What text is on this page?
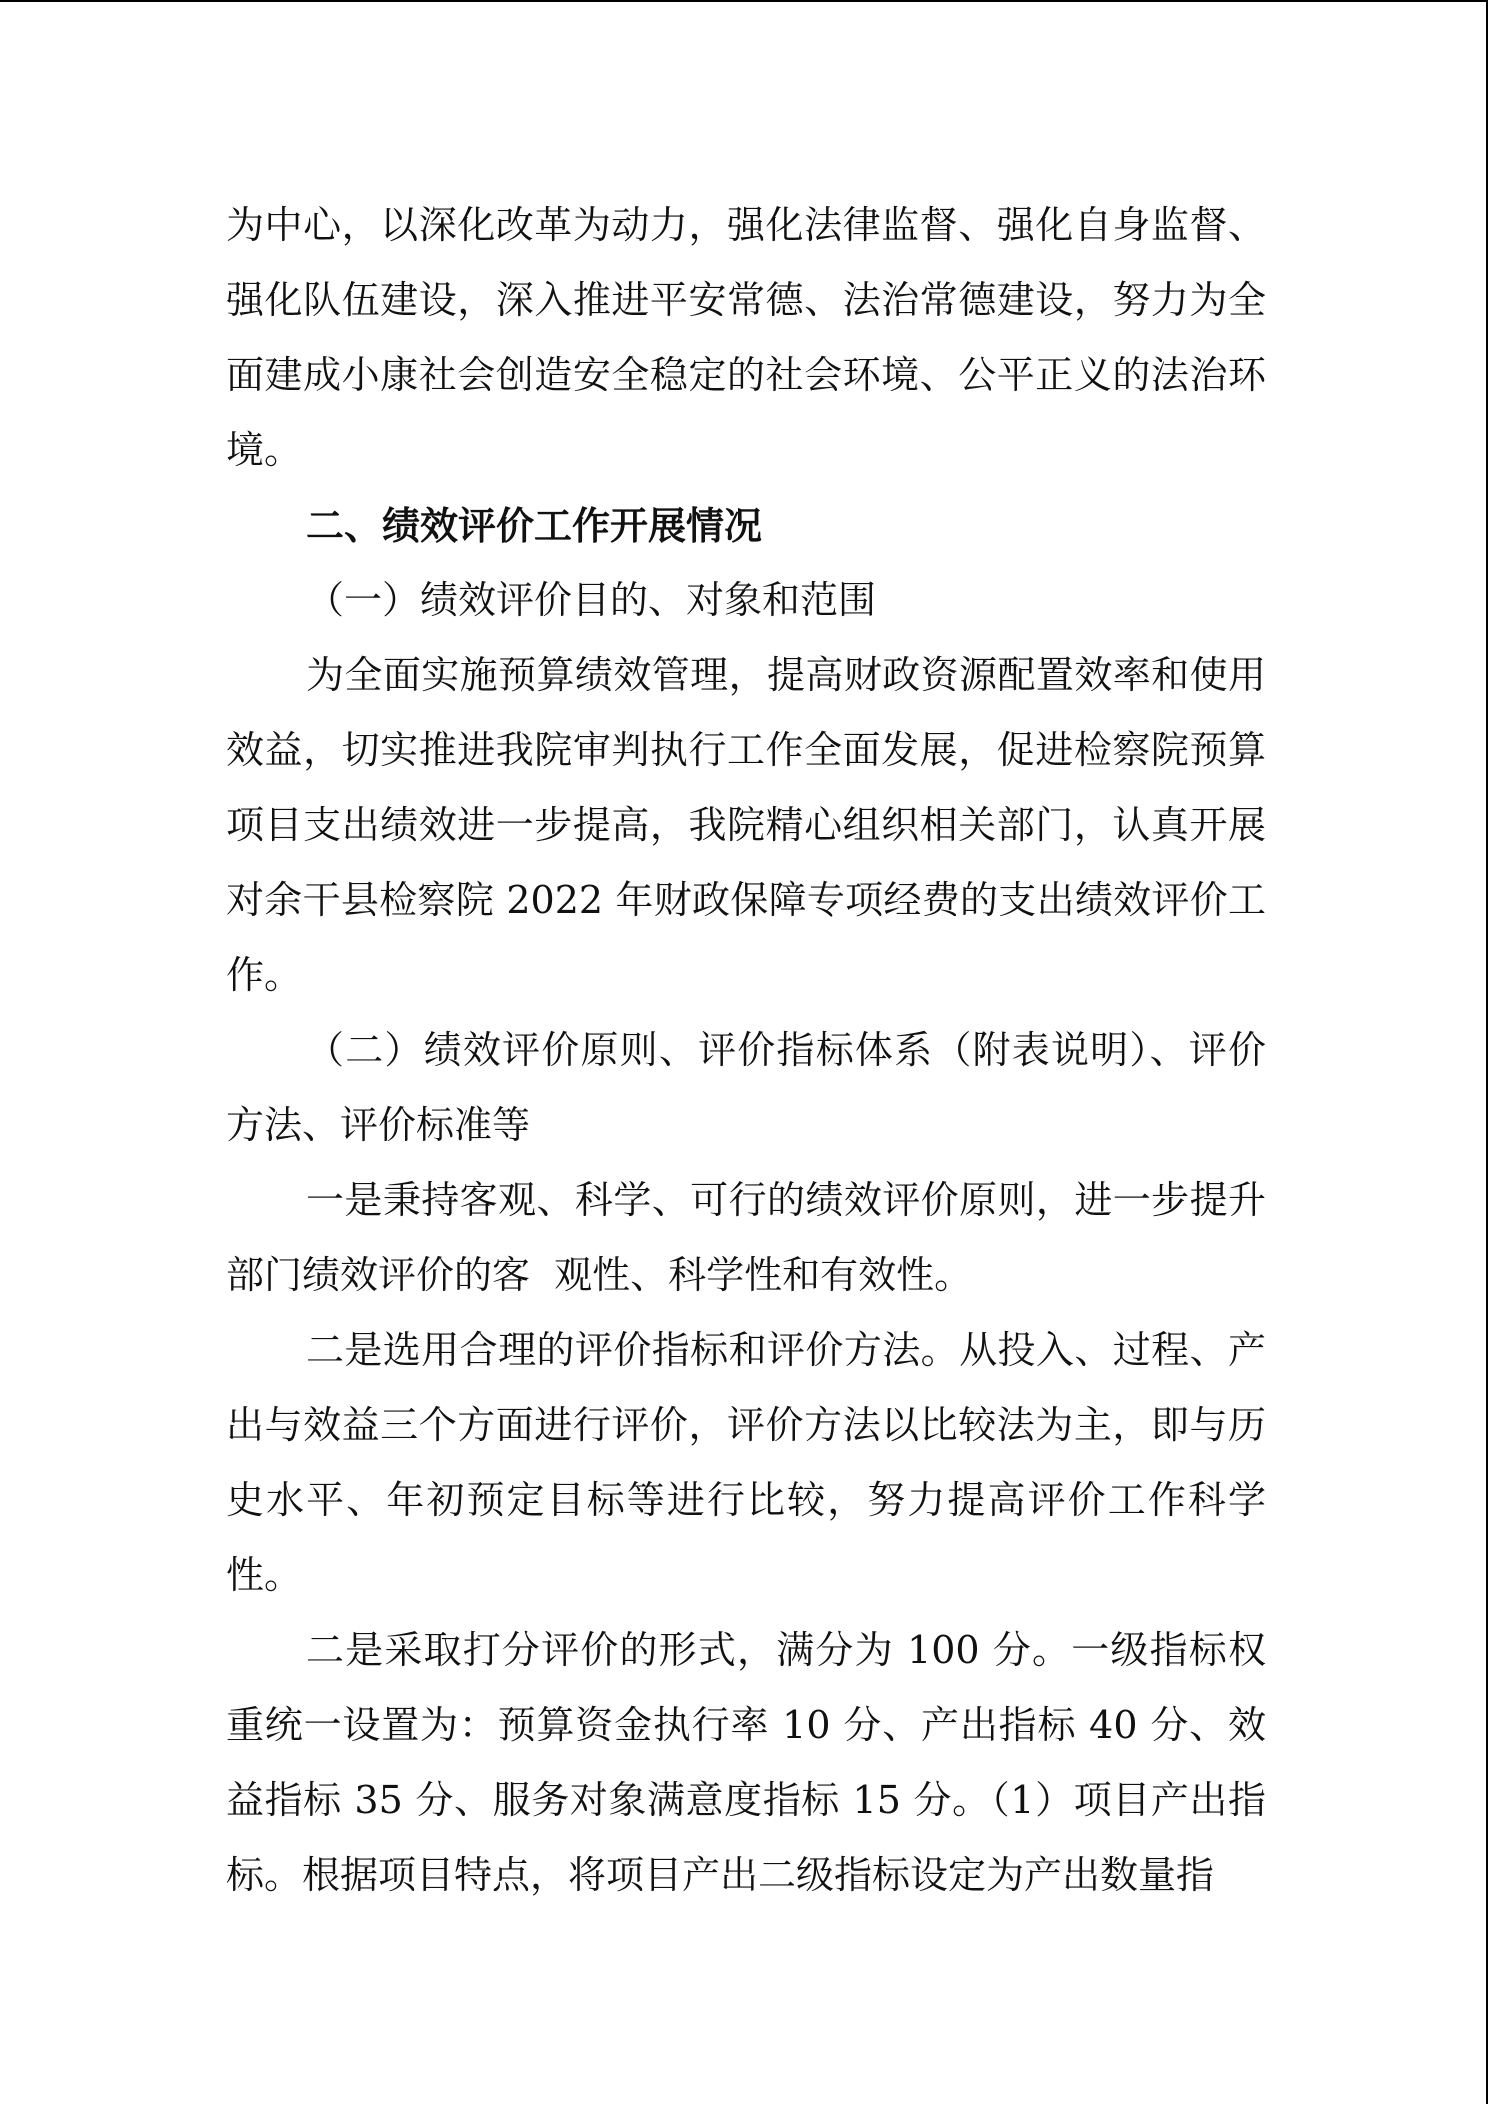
为中心，以深化改革为动力，强化法律监督、强化自身监督、强化队伍建设，深入推进平安常德、法治常德建设，努力为全面建成小康社会创造安全稳定的社会环境、公平正义的法治环境。

二、绩效评价工作开展情况

（一）绩效评价目的、对象和范围

为全面实施预算绩效管理，提高财政资源配置效率和使用效益，切实推进我院审判执行工作全面发展，促进检察院预算项目支出绩效进一步提高，我院精心组织相关部门，认真开展对余干县检察院 2022 年财政保障专项经费的支出绩效评价工作。

（二）绩效评价原则、评价指标体系（附表说明）、评价方法、评价标准等

一是秉持客观、科学、可行的绩效评价原则，进一步提升部门绩效评价的客  观性、科学性和有效性。

二是选用合理的评价指标和评价方法。从投入、过程、产出与效益三个方面进行评价，评价方法以比较法为主，即与历史水平、年初预定目标等进行比较，努力提高评价工作科学性。

二是采取打分评价的形式，满分为 100 分。一级指标权重统一设置为：预算资金执行率 10 分、产出指标 40 分、效益指标 35 分、服务对象满意度指标 15 分。（1）项目产出指标。根据项目特点，将项目产出二级指标设定为产出数量指
